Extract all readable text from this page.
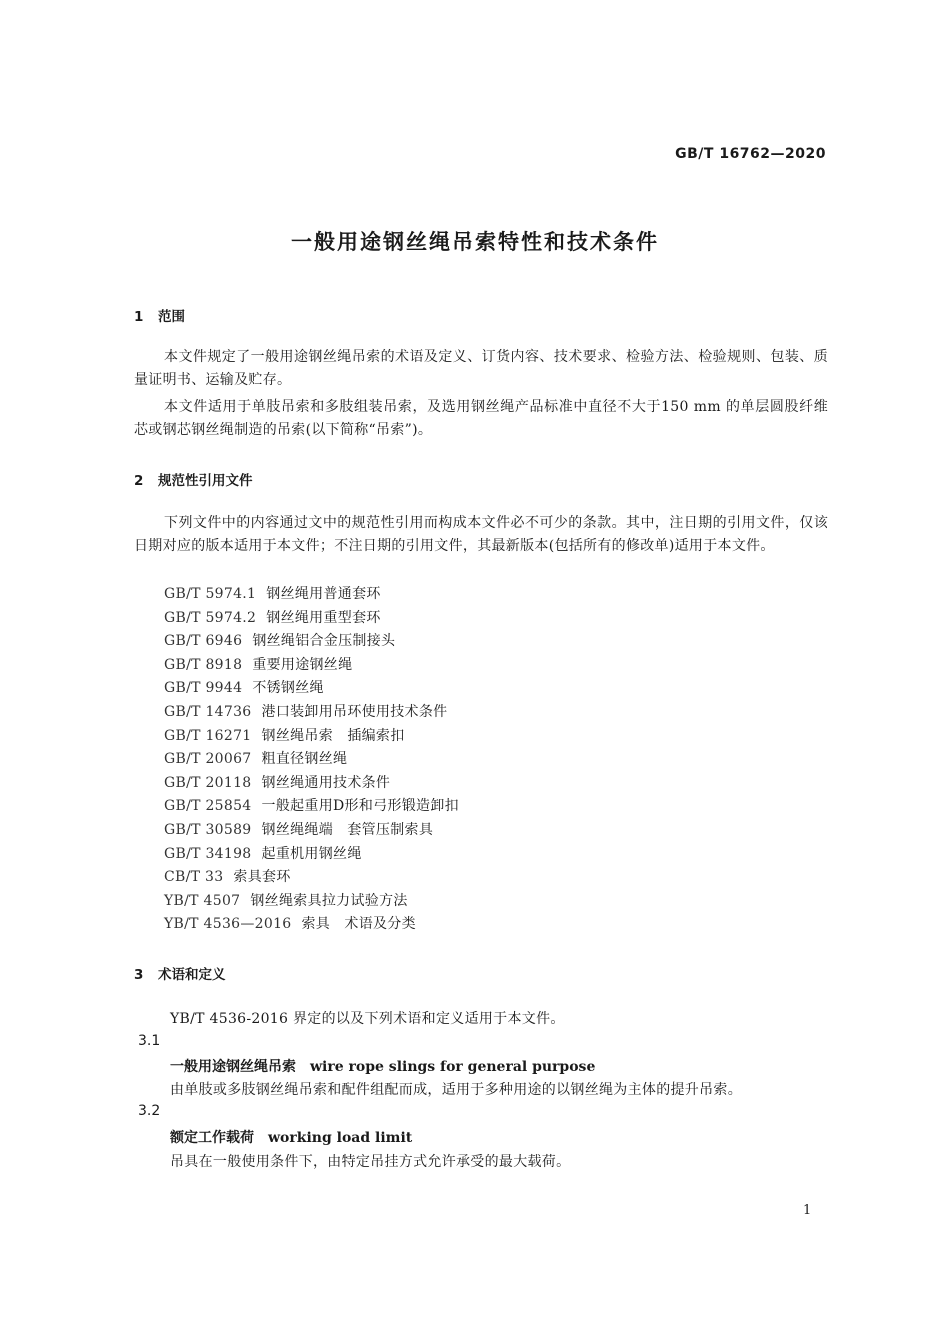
GB/T 16762—2020
一般用途钢丝绳吊索特性和技术条件
1 范围
本文件规定了一般用途钢丝绳吊索的术语及定义、订货内容、技术要求、检验方法、检验规则、包装、质量证明书、运输及贮存。
本文件适用于单肢吊索和多肢组装吊索，及选用钢丝绳产品标准中直径不大于150 mm 的单层圆股纤维芯或钢芯钢丝绳制造的吊索(以下简称“吊索”)。
2 规范性引用文件
下列文件中的内容通过文中的规范性引用而构成本文件必不可少的条款。其中，注日期的引用文件，仅该日期对应的版本适用于本文件；不注日期的引用文件，其最新版本(包括所有的修改单)适用于本文件。
GB/T 5974.1 钢丝绳用普通套环
GB/T 5974.2 钢丝绳用重型套环
GB/T 6946 钢丝绳铝合金压制接头
GB/T 8918 重要用途钢丝绳
GB/T 9944 不锈钢丝绳
GB/T 14736 港口装卸用吊环使用技术条件
GB/T 16271 钢丝绳吊索　插编索扣
GB/T 20067 粗直径钢丝绳
GB/T 20118 钢丝绳通用技术条件
GB/T 25854 一般起重用D形和弓形锻造卸扣
GB/T 30589 钢丝绳绳端　套管压制索具
GB/T 34198 起重机用钢丝绳
CB/T 33 索具套环
YB/T 4507 钢丝绳索具拉力试验方法
YB/T 4536—2016 索具　术语及分类
3 术语和定义
YB/T 4536-2016 界定的以及下列术语和定义适用于本文件。
3.1
一般用途钢丝绳吊索 wire rope slings for general purpose
由单肢或多肢钢丝绳吊索和配件组配而成，适用于多种用途的以钢丝绳为主体的提升吊索。
3.2
额定工作载荷 working load limit
吊具在一般使用条件下，由特定吊挂方式允许承受的最大载荷。
1
